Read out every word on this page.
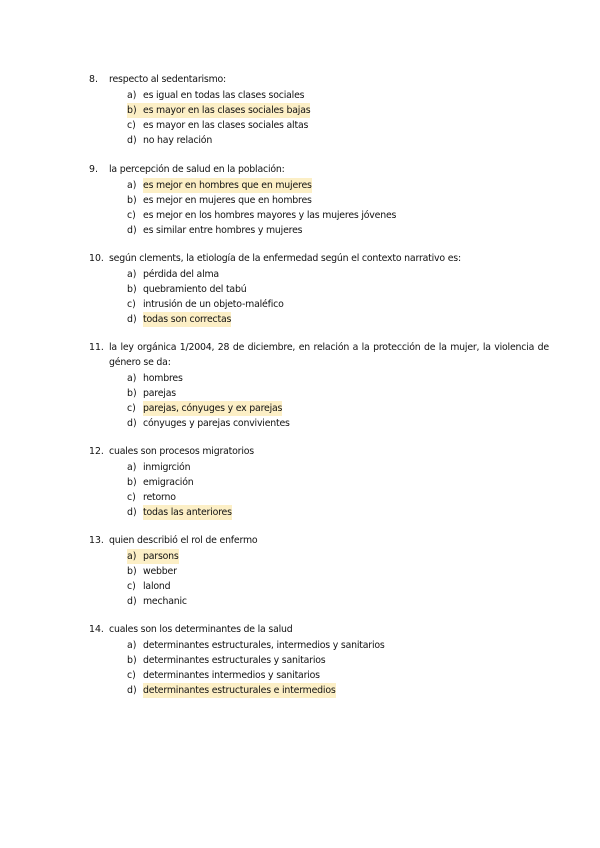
8.	respecto al sedentarismo:
a) es igual en todas las clases sociales
b) es mayor en las clases sociales bajas
c) es mayor en las clases sociales altas
d) no hay relación
9.	la percepción de salud en la población:
a) es mejor en hombres que en mujeres
b) es mejor en mujeres que en hombres
c) es mejor en los hombres mayores y las mujeres jóvenes
d) es similar entre hombres y mujeres
10. según clements, la etiología de la enfermedad según el contexto narrativo es:
a) pérdida del alma
b) quebramiento del tabú
c) intrusión de un objeto-maléfico
d) todas son correctas
11. la ley orgánica 1/2004, 28 de diciembre, en relación a la protección de la mujer, la violencia de género se da:
a) hombres
b) parejas
c) parejas, cónyuges y ex parejas
d) cónyuges y parejas convivientes
12. cuales son procesos migratorios
a) inmigrción
b) emigración
c) retorno
d) todas las anteriores
13. quien describió el rol de enfermo
a) parsons
b) webber
c) lalond
d) mechanic
14. cuales son los determinantes de la salud
a) determinantes estructurales, intermedios y sanitarios
b) determinantes estructurales y sanitarios
c) determinantes intermedios y sanitarios
d) determinantes estructurales e intermedios
